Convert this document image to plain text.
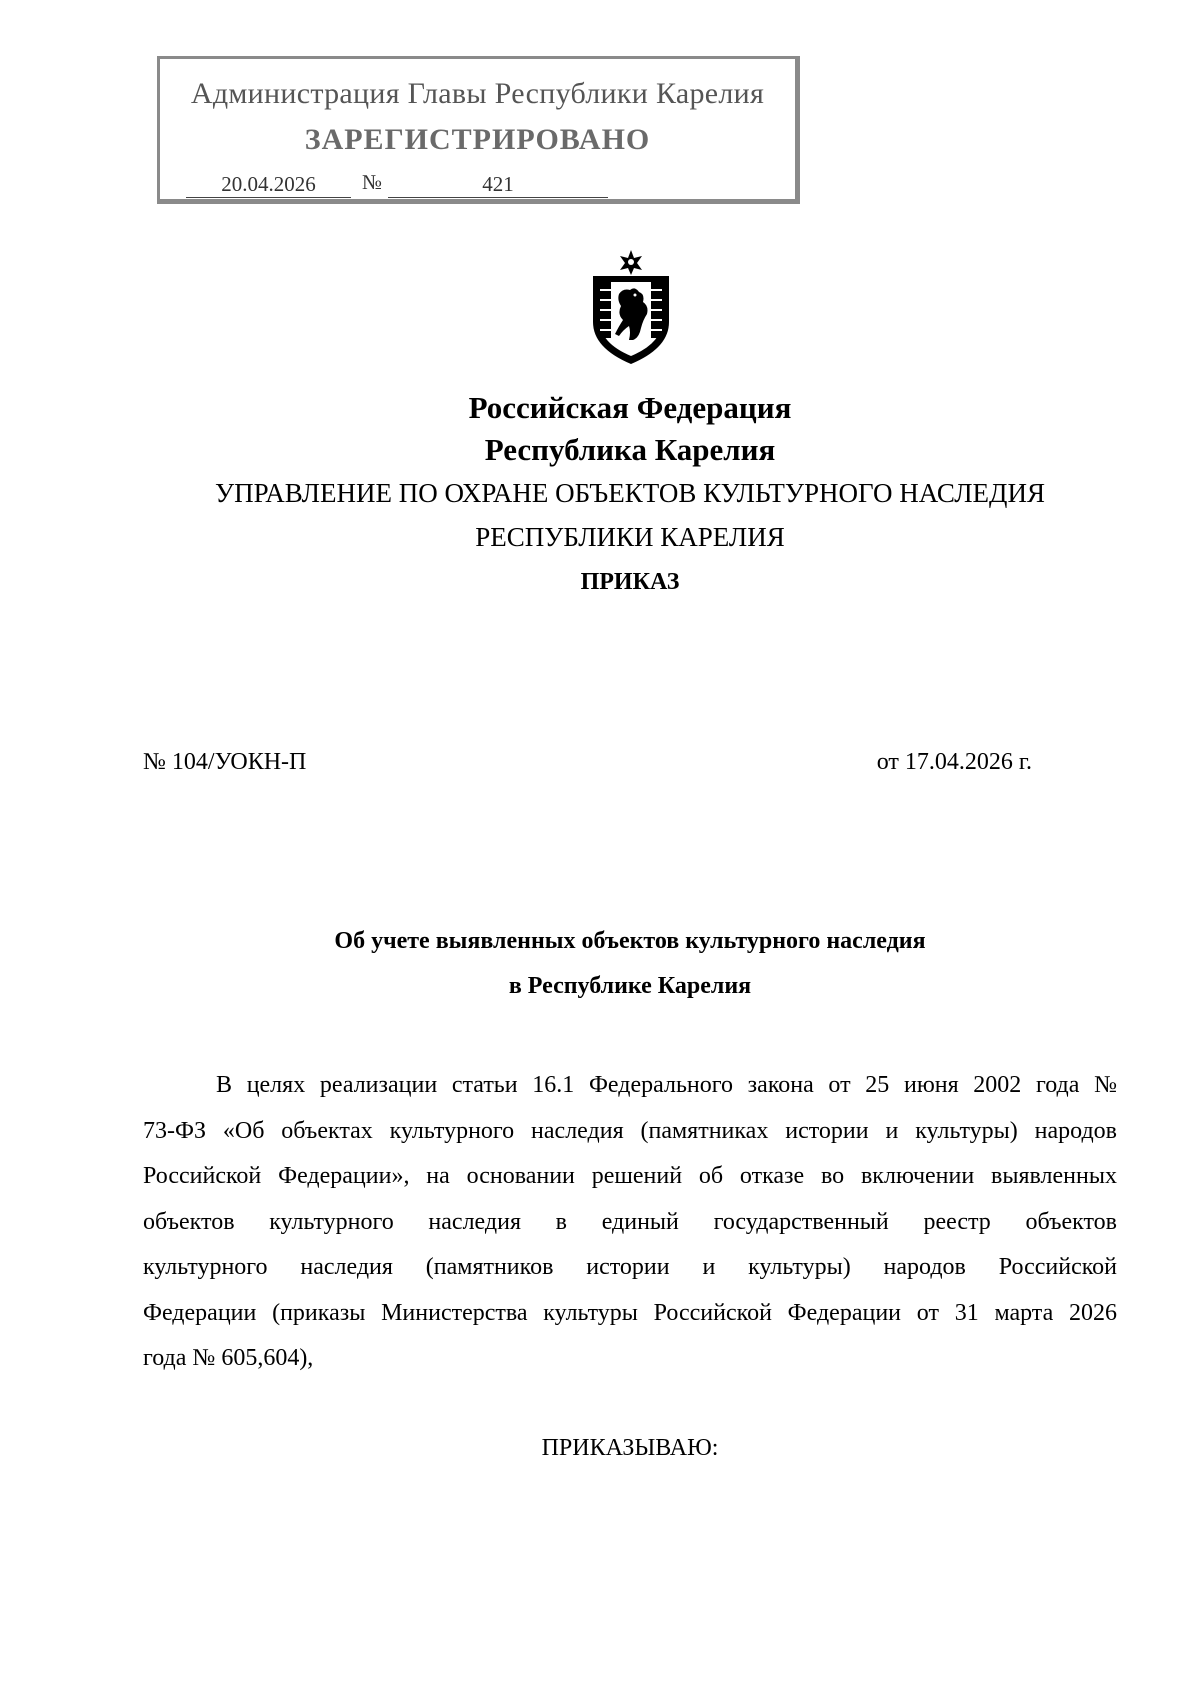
Администрация Главы Республики Карелия
ЗАРЕГИСТРИРОВАНО
20.04.2026	№	421
Российская Федерация
Республика Карелия
УПРАВЛЕНИЕ ПО ОХРАНЕ ОБЪЕКТОВ КУЛЬТУРНОГО НАСЛЕДИЯ
РЕСПУБЛИКИ КАРЕЛИЯ
ПРИКАЗ
№ 104/УОКН-П	от 17.04.2026 г.
Об учете выявленных объектов культурного наследия
в Республике Карелия
В целях реализации статьи 16.1 Федерального закона от 25 июня 2002 года №
73-ФЗ «Об объектах культурного наследия (памятниках истории и культуры) народов
Российской Федерации», на основании решений об отказе во включении выявленных
объектов культурного наследия в единый государственный реестр объектов
культурного наследия (памятников истории и культуры) народов Российской
Федерации (приказы Министерства культуры Российской Федерации от 31 марта 2026
года № 605,604),
ПРИКАЗЫВАЮ:
